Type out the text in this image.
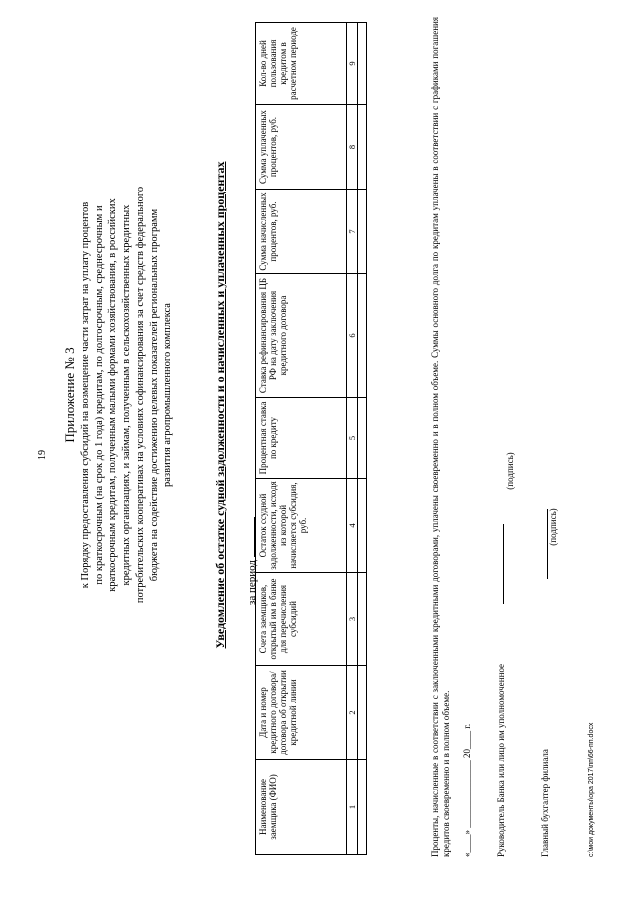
19
Приложение № 3 к Порядку предоставления субсидий на возмещение части затрат на уплату процентов по краткосрочным (на срок до 1 года) кредитам, по долгосрочным, среднесрочным и краткосрочным кредитам, полученным малыми формами хозяйствования, в российских кредитных организациях, и займам, полученным в сельскохозяйственных кредитных потребительских кооперативах на условиях софинансирования за счет средств федерального бюджета на содействие достижению целевых показателей региональных программ развития агропромышленного комплекса	Уведомление об остатке судной задолженности и о начисленных и уплаченных процентах за период
Наименование заемщика (ФИО)	Дата и номер кредитного договора/ договора об открытии кредитной линии	Счета заемщиков, открытый им в банке для перечисления субсидий	Остаток ссудной задолженности, исходя из которой начисляется субсидия, руб.	Процентная ставка по кредиту	Ставка рефинансирования ЦБ РФ на дату заключения кредитного договора	Сумма начисленных процентов, руб.	Сумма уплаченных процентов, руб.	Кол-во дней пользования кредитом в расчетном периоде
1	2	3	4	5	6	7	8	9
									Проценты, начисленные в соответствии с заключенными кредитными договорами, уплачены своевременно и в полном объеме. Суммы основного долга по кредитам уплачены в соответствии с графиками погашения кредитов своевременно и в полном объеме. «____» _______________ 20____ г.	Руководитель Банка или лицо им уполномоченное
(подпись)
Главный бухгалтер филиала
(подпись)
c:\мои документы\ора 2017\пп\66-пп.docx
